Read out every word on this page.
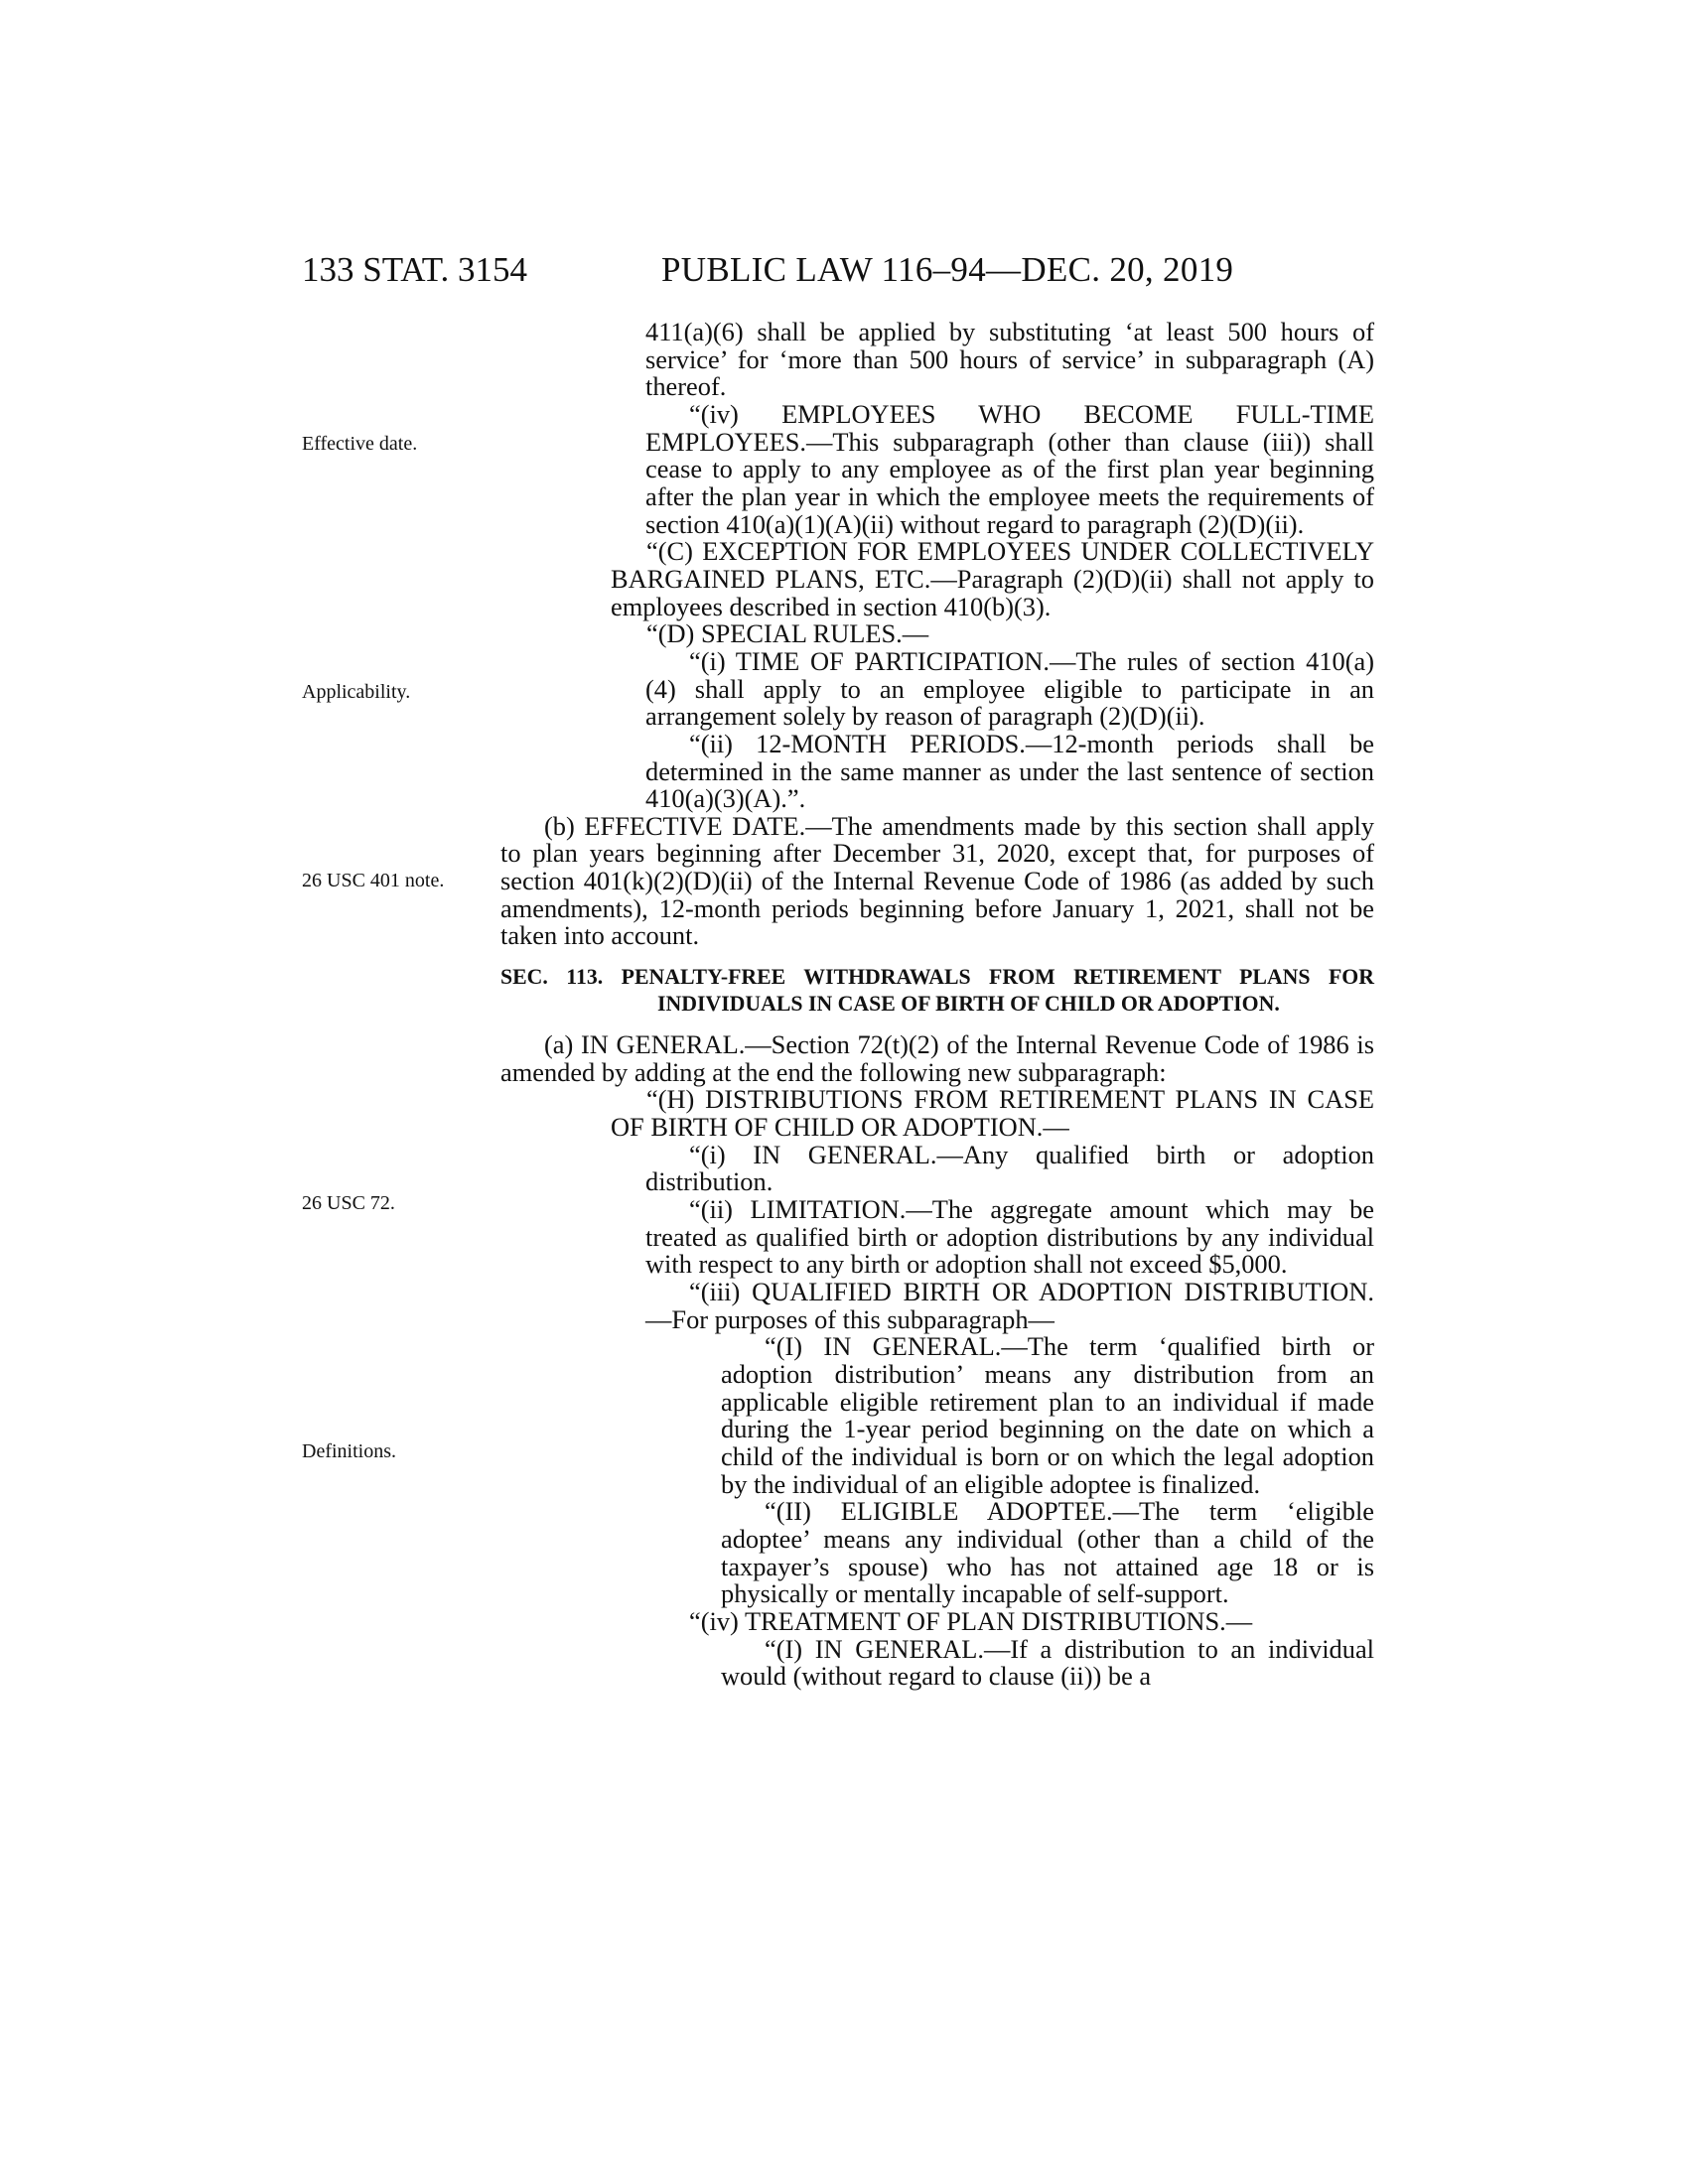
133 STAT. 3154	PUBLIC LAW 116–94—DEC. 20, 2019
Effective date.
Applicability.
26 USC 401 note.
26 USC 72.
Definitions.

411(a)(6) shall be applied by substituting ‘at least 500 hours of service’ for ‘more than 500 hours of service’ in subparagraph (A) thereof.

“(iv) EMPLOYEES WHO BECOME FULL-TIME EMPLOYEES.—This subparagraph (other than clause (iii)) shall cease to apply to any employee as of the first plan year beginning after the plan year in which the employee meets the requirements of section 410(a)(1)(A)(ii) without regard to paragraph (2)(D)(ii).

“(C) EXCEPTION FOR EMPLOYEES UNDER COLLECTIVELY BARGAINED PLANS, ETC.—Paragraph (2)(D)(ii) shall not apply to employees described in section 410(b)(3).

“(D) SPECIAL RULES.—

“(i) TIME OF PARTICIPATION.—The rules of section 410(a)(4) shall apply to an employee eligible to participate in an arrangement solely by reason of paragraph (2)(D)(ii).

“(ii) 12-MONTH PERIODS.—12-month periods shall be determined in the same manner as under the last sentence of section 410(a)(3)(A).”.

(b) EFFECTIVE DATE.—The amendments made by this section shall apply to plan years beginning after December 31, 2020, except that, for purposes of section 401(k)(2)(D)(ii) of the Internal Revenue Code of 1986 (as added by such amendments), 12-month periods beginning before January 1, 2021, shall not be taken into account.

SEC. 113. PENALTY-FREE WITHDRAWALS FROM RETIREMENT PLANS FOR INDIVIDUALS IN CASE OF BIRTH OF CHILD OR ADOPTION.

(a) IN GENERAL.—Section 72(t)(2) of the Internal Revenue Code of 1986 is amended by adding at the end the following new subparagraph:

“(H) DISTRIBUTIONS FROM RETIREMENT PLANS IN CASE OF BIRTH OF CHILD OR ADOPTION.—

“(i) IN GENERAL.—Any qualified birth or adoption distribution.

“(ii) LIMITATION.—The aggregate amount which may be treated as qualified birth or adoption distributions by any individual with respect to any birth or adoption shall not exceed $5,000.

“(iii) QUALIFIED BIRTH OR ADOPTION DISTRIBUTION.—For purposes of this subparagraph—

“(I) IN GENERAL.—The term ‘qualified birth or adoption distribution’ means any distribution from an applicable eligible retirement plan to an individual if made during the 1-year period beginning on the date on which a child of the individual is born or on which the legal adoption by the individual of an eligible adoptee is finalized.

“(II) ELIGIBLE ADOPTEE.—The term ‘eligible adoptee’ means any individual (other than a child of the taxpayer’s spouse) who has not attained age 18 or is physically or mentally incapable of self-support.

“(iv) TREATMENT OF PLAN DISTRIBUTIONS.—

“(I) IN GENERAL.—If a distribution to an individual would (without regard to clause (ii)) be a
